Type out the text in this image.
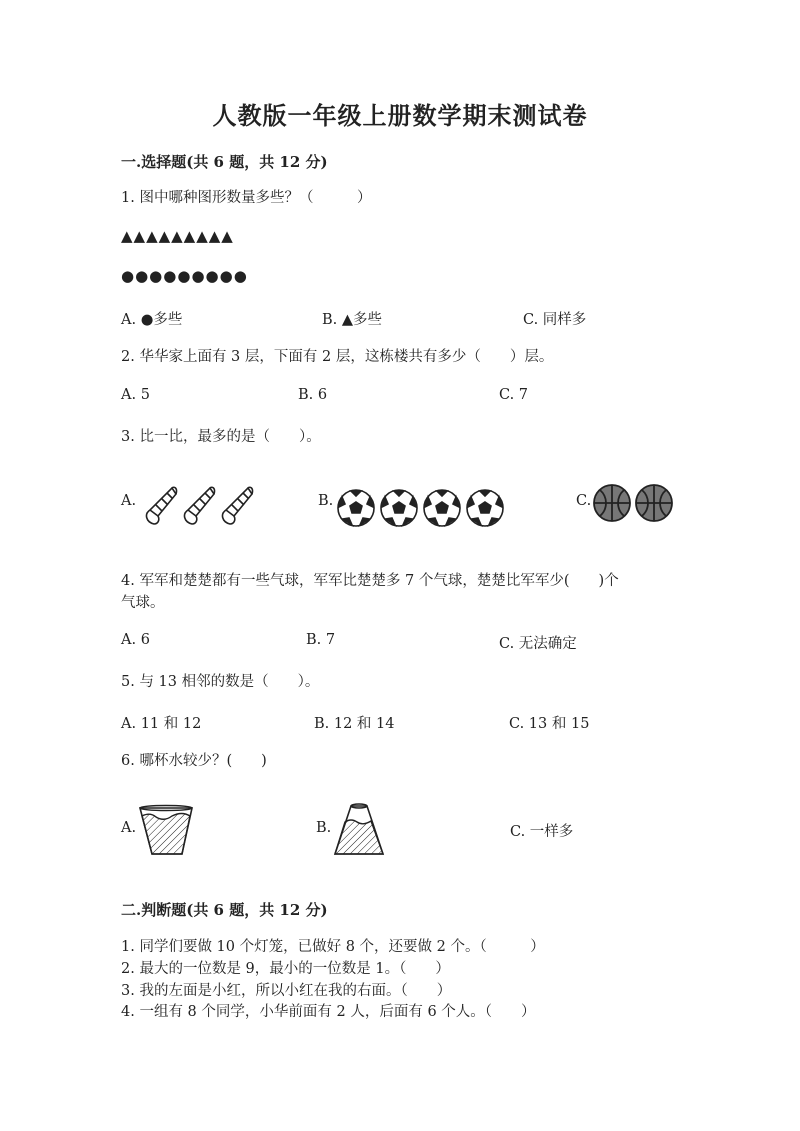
人教版一年级上册数学期末测试卷
一.选择题(共 6 题，共 12 分)
1. 图中哪种图形数量多些？（　　　）
▲▲▲▲▲▲▲▲▲
●●●●●●●●●
A. ●多些	B. ▲多些	C. 同样多
2. 华华家上面有 3 层，下面有 2 层，这栋楼共有多少（　　）层。
A. 5	B. 6	C. 7
3. 比一比，最多的是（　　）。
A.	B.	C.
4. 军军和楚楚都有一些气球，军军比楚楚多 7 个气球，楚楚比军军少(　　)个
气球。
A. 6	B. 7	C. 无法确定
5. 与 13 相邻的数是（　　）。
A. 11 和 12	B. 12 和 14	C. 13 和 15
6. 哪杯水较少？(　　)
A.	B.	C. 一样多
二.判断题(共 6 题，共 12 分)
1. 同学们要做 10 个灯笼，已做好 8 个，还要做 2 个。（　　　）
2. 最大的一位数是 9，最小的一位数是 1。（　　）
3. 我的左面是小红，所以小红在我的右面。（　　）
4. 一组有 8 个同学，小华前面有 2 人，后面有 6 个人。（　　）
